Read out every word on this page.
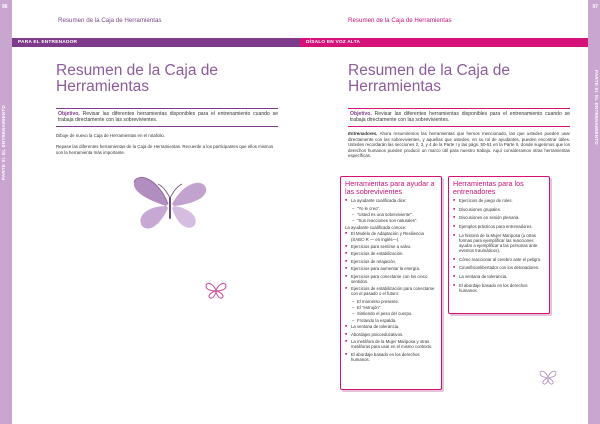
96
PARTE III. EL ENTRENAMIENTO
Resumen de la Caja de Herramientas
PARA EL ENTRENADOR
Resumen de la Caja de Herramientas
Objetivo. Revisar las diferentes herramientas disponibles para el entrenamiento cuando se trabaja directamente con las sobrevivientes.

Dibuje de nuevo la Caja de Herramientas en el rotafolio.

Repase las diferentes herramientas de la Caja de Herramientas. Recuerde a los participantes que ellos mismos son la herramienta más importante.

97
PARTE III. EL ENTRENAMIENTO
Resumen de la Caja de Herramientas
DÍSALO EN VOZ ALTA
Resumen de la Caja de Herramientas
Objetivo. Revisar las diferentes herramientas disponibles para el entrenamiento cuando se trabaja directamente con las sobrevivientes.

Entrenadores. Ahora resumiremos las herramientas que hemos mencionado, las que ustedes pueden usar directamente con las sobrevivientes, y aquellas que ustedes, en su rol de ayudantes, pueden encontrar útiles. Ustedes recordarán las secciones 2, 3, y 4 de la Parte I y las págs. 50-51 en la Parte II, donde sugerimos que los derechos humanos pueden producir un marco útil para nuestro trabajo. Aquí consideramos otras herramientas específicas.

Herramientas para ayudar a las sobrevivientes
■ La ayudante cualificada dice:
– "Yo le creo".
– "Usted es una sobreviviente".
– "Sus reacciones son naturales".
La ayudante cualificada conoce:
■ El Modelo de Adaptación y Resiliencia (SABC-R — en inglés—).
■ Ejercicios para sentirse a salvo.
■ Ejercicios de estabilización.
■ Ejercicios de relajación.
■ Ejercicios para aumentar la energía.
■ Ejercicios para conectarse con los cinco sentidos.
■ Ejercicios de estabilización para conectarse con el pasado o el futuro:
– El momento presente.
– El "estrujón".
– Sintiendo el peso del cuerpo.
– Frotando la espalda.
■ La ventana de tolerancia.
■ Abordajes psicoeducativos.
■ La metáfora de la Mujer Mariposa y otras metáforas para usar en el mismo contexto.
■ El abordaje basado en los derechos humanos.
Herramientas para los entrenadores
■ Ejercicios de juego de roles.
■ Discusiones grupales.
■ Discusiones en sesión plenaria.
■ Ejemplos prácticos para entrenadores.
■ La historia de la Mujer Mariposa (u otras formas para ejemplificar las reacciones ayudar a ejemplificar a las personas ante eventos traumáticos).
■ Cómo reaccionar al cerebro ante el peligro.
■ Cirunifisionlibertador con los detonadores.
■ La ventana de tolerancia.
■ El abordaje basado en los derechos humanos.
